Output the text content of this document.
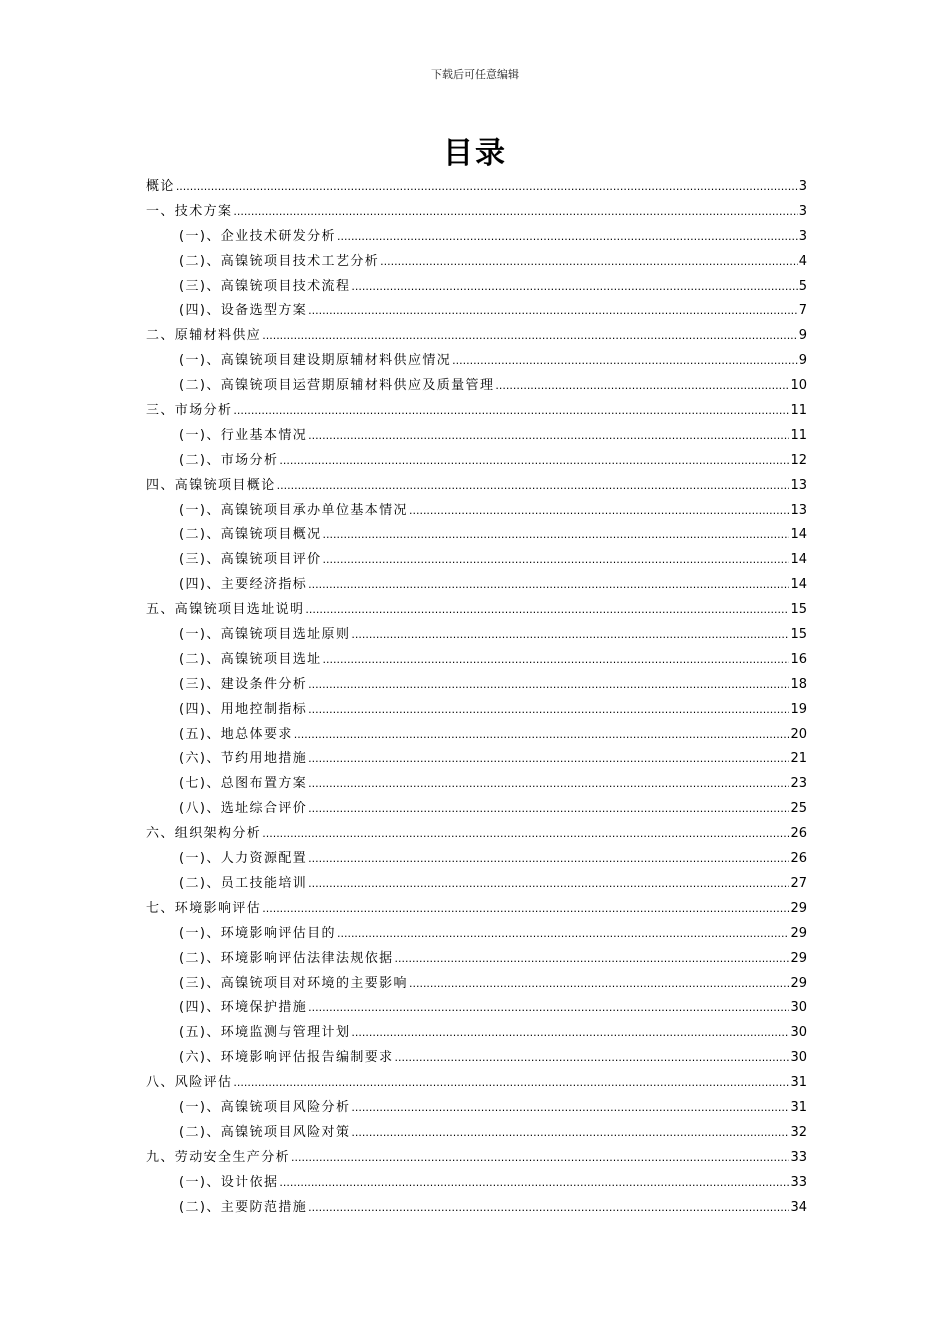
下载后可任意编辑
目录
概论 .....	3
一、技术方案 .....	3
(一)、企业技术研发分析 .....	3
(二)、高镍铳项目技术工艺分析 .....	4
(三)、高镍铳项目技术流程 .....	5
(四)、设备选型方案 .....	7
二、原辅材料供应 .....	9
(一)、高镍铳项目建设期原辅材料供应情况 .....	9
(二)、高镍铳项目运营期原辅材料供应及质量管理 .....	10
三、市场分析 .....	11
(一)、行业基本情况 .....	11
(二)、市场分析 .....	12
四、高镍铳项目概论 .....	13
(一)、高镍铳项目承办单位基本情况 .....	13
(二)、高镍铳项目概况 .....	14
(三)、高镍铳项目评价 .....	14
(四)、主要经济指标 .....	14
五、高镍铳项目选址说明 .....	15
(一)、高镍铳项目选址原则 .....	15
(二)、高镍铳项目选址 .....	16
(三)、建设条件分析 .....	18
(四)、用地控制指标 .....	19
(五)、地总体要求 .....	20
(六)、节约用地措施 .....	21
(七)、总图布置方案 .....	23
(八)、选址综合评价 .....	25
六、组织架构分析 .....	26
(一)、人力资源配置 .....	26
(二)、员工技能培训 .....	27
七、环境影响评估 .....	29
(一)、环境影响评估目的 .....	29
(二)、环境影响评估法律法规依据 .....	29
(三)、高镍铳项目对环境的主要影响 .....	29
(四)、环境保护措施 .....	30
(五)、环境监测与管理计划 .....	30
(六)、环境影响评估报告编制要求 .....	30
八、风险评估 .....	31
(一)、高镍铳项目风险分析 .....	31
(二)、高镍铳项目风险对策 .....	32
九、劳动安全生产分析 .....	33
(一)、设计依据 .....	33
(二)、主要防范措施 .....	34
